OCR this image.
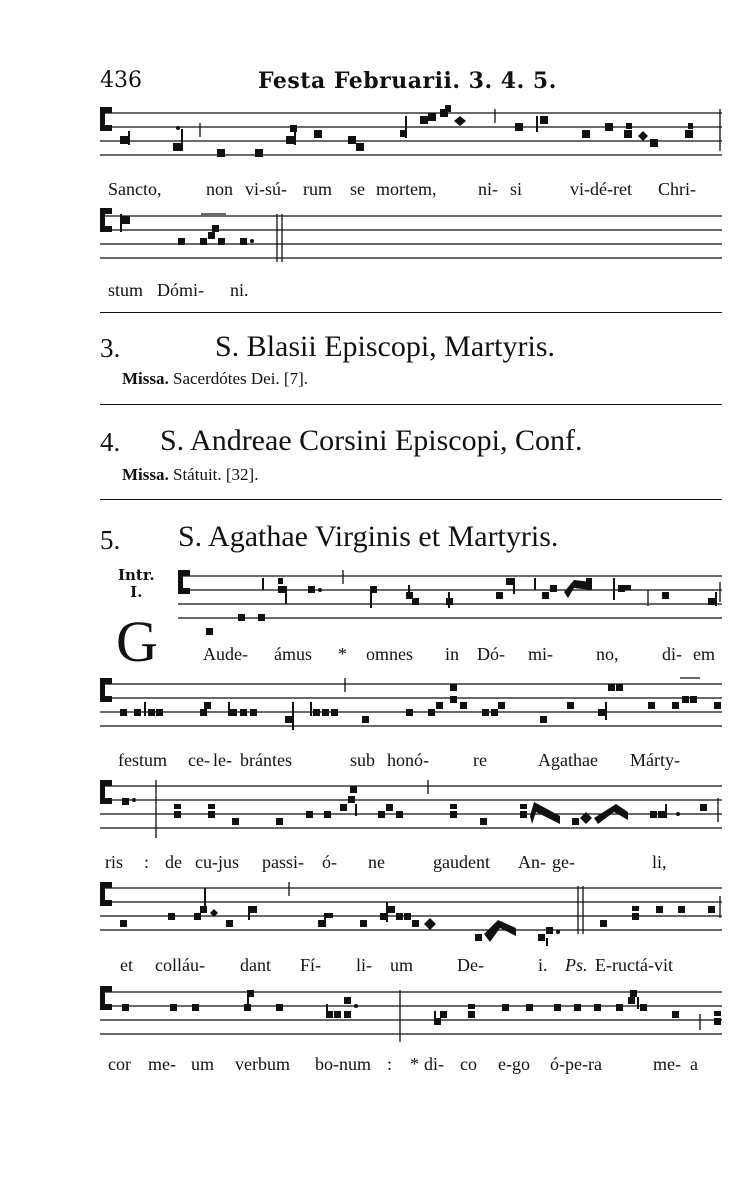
436	Festa Februarii. 3. 4. 5.
Sancto, non vi-sú- rum se mortem, ni- si	vi-dé-ret Chri-
stum Dómi- ni.
3.	S. Blasii Episcopi, Martyris.
Missa. Sacerdótes Dei. [7].
4. S. Andreae Corsini Episcopi, Conf.
Missa. Státuit. [32].
5. S. Agathae Virginis et Martyris.
Intr.
I.
G	Aude- ámus * omnes in Dó- mi- no, di- em
festum ce- le- brántes	sub honó- re	Agathae Márty-
ris : de cu-jus passi- ó- ne	gaudent An- ge-	li,
et colláu- dant Fí- li- um De-	i. Ps. E-ructá-vit
cor me- um verbum bo-num : * di- co e-go ó-pe-ra	me- a
